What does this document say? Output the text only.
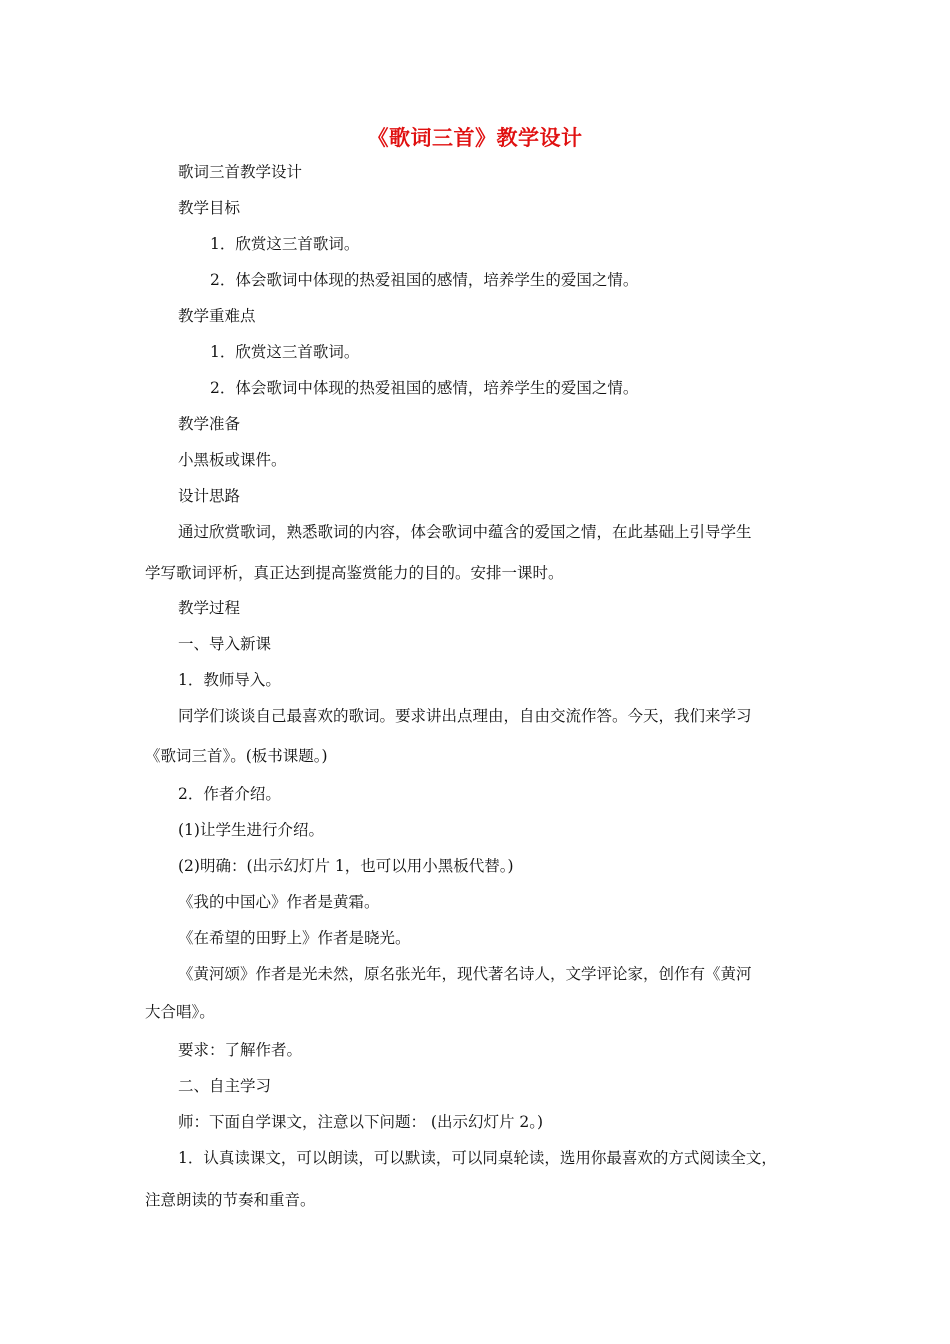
《歌词三首》教学设计
歌词三首教学设计
教学目标
1．欣赏这三首歌词。
2．体会歌词中体现的热爱祖国的感情，培养学生的爱国之情。
教学重难点
1．欣赏这三首歌词。
2．体会歌词中体现的热爱祖国的感情，培养学生的爱国之情。
教学准备
小黑板或课件。
设计思路
通过欣赏歌词，熟悉歌词的内容，体会歌词中蕴含的爱国之情，在此基础上引导学生
学写歌词评析，真正达到提高鉴赏能力的目的。安排一课时。
教学过程
一、导入新课
1．教师导入。
同学们谈谈自己最喜欢的歌词。要求讲出点理由，自由交流作答。今天，我们来学习
《歌词三首》。(板书课题。)
2．作者介绍。
(1)让学生进行介绍。
(2)明确：(出示幻灯片 1，也可以用小黑板代替。)
《我的中国心》作者是黄霜。
《在希望的田野上》作者是晓光。
《黄河颂》作者是光未然，原名张光年，现代著名诗人，文学评论家，创作有《黄河
大合唱》。
要求：了解作者。
二、自主学习
师：下面自学课文，注意以下问题： (出示幻灯片 2。)
1．认真读课文，可以朗读，可以默读，可以同桌轮读，选用你最喜欢的方式阅读全文，
注意朗读的节奏和重音。
